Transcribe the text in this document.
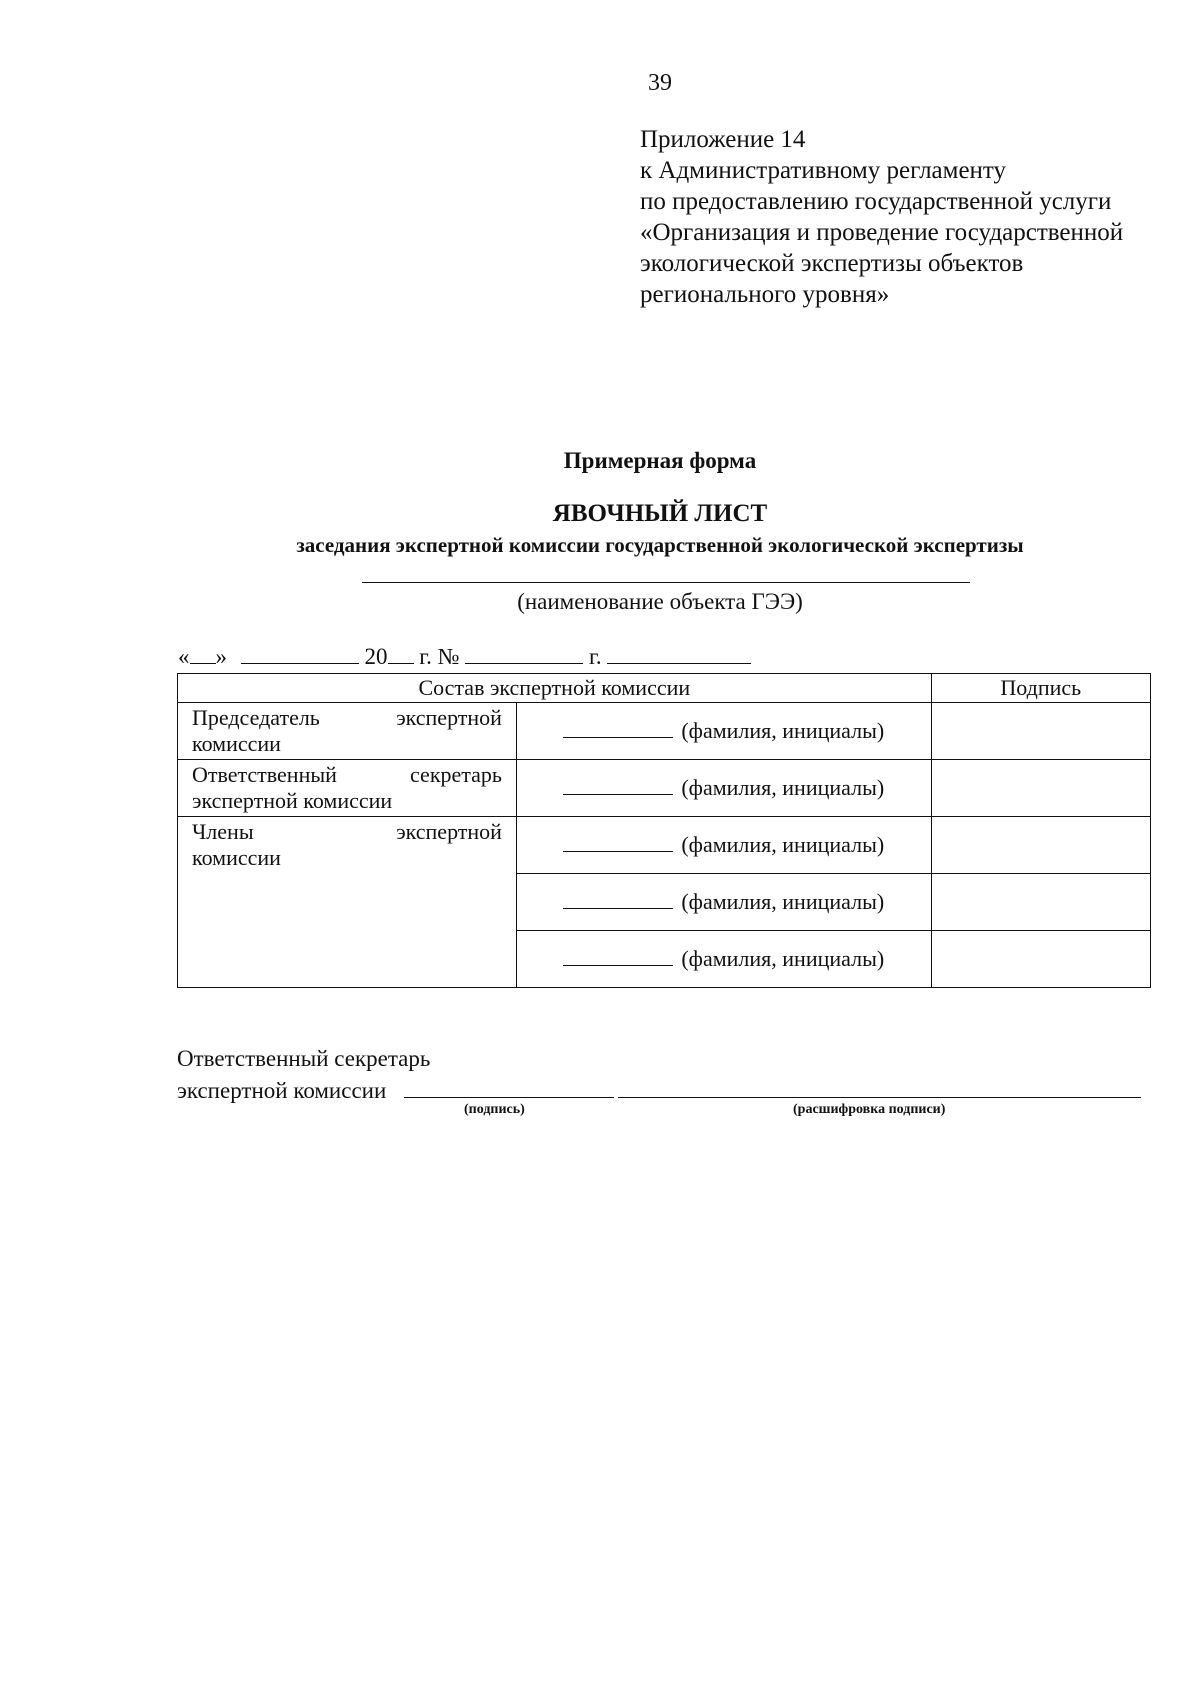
39
Приложение 14
к Административному регламенту
по предоставлению государственной услуги
«Организация и проведение государственной
экологической экспертизы объектов
регионального уровня»
Примерная форма
ЯВОЧНЫЙ ЛИСТ
заседания экспертной комиссии государственной экологической экспертизы
(наименование объекта ГЭЭ)
« »	20 г. №	г.
Состав экспертной комиссии		Подпись

Председатель экспертной
комиссии	(фамилия, инициалы)	

Ответственный секретарь
экспертной комиссии	(фамилия, инициалы)	

Члены экспертной
комиссии	(фамилия, инициалы)	
	(фамилия, инициалы)	
	(фамилия, инициалы)	
Ответственный секретарь
экспертной комиссии
(подпись)	(расшифровка подписи)
